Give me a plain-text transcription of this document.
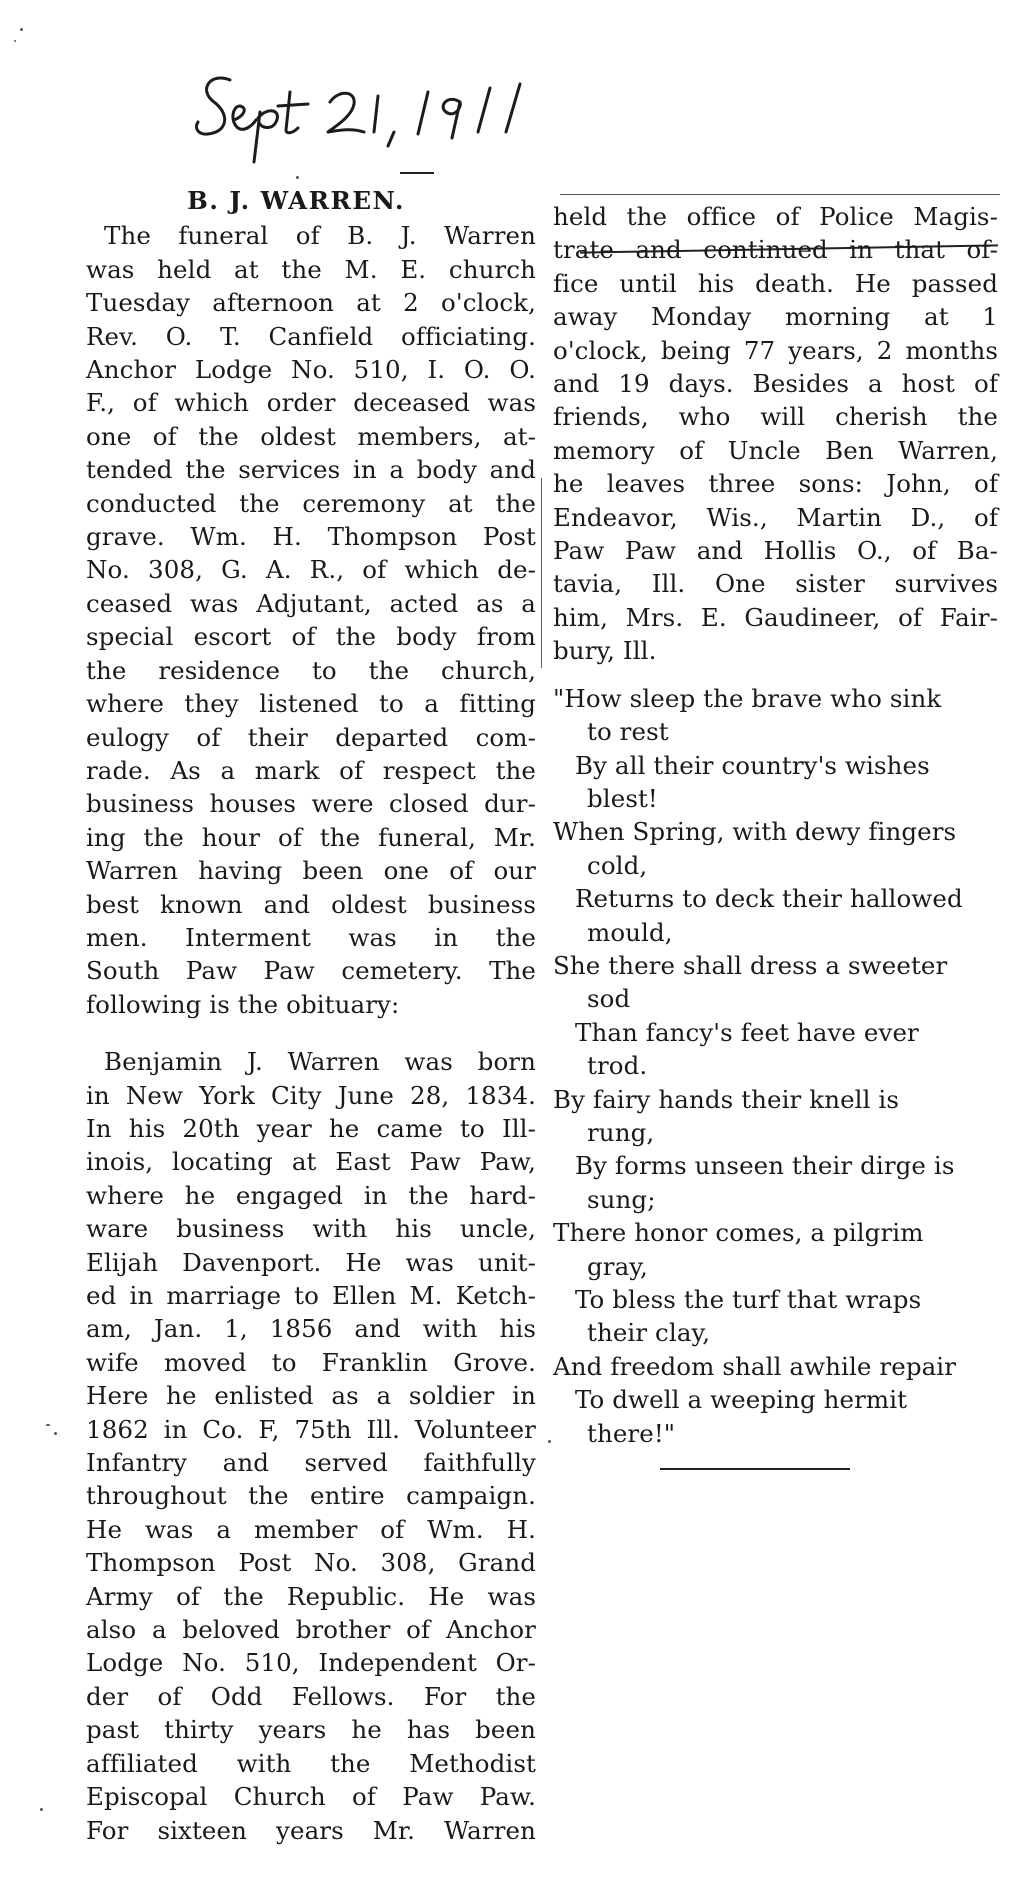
B. J. WARREN.
The funeral of B. J. Warren
was held at the M. E. church
Tuesday afternoon at 2 o'clock,
Rev. O. T. Canfield officiating.
Anchor Lodge No. 510, I. O. O.
F., of which order deceased was
one of the oldest members, at-
tended the services in a body and
conducted the ceremony at the
grave. Wm. H. Thompson Post
No. 308, G. A. R., of which de-
ceased was Adjutant, acted as a
special escort of the body from
the residence to the church,
where they listened to a fitting
eulogy of their departed com-
rade. As a mark of respect the
business houses were closed dur-
ing the hour of the funeral, Mr.
Warren having been one of our
best known and oldest business
men. Interment was in the
South Paw Paw cemetery. The
following is the obituary:
Benjamin J. Warren was born
in New York City June 28, 1834.
In his 20th year he came to Ill-
inois, locating at East Paw Paw,
where he engaged in the hard-
ware business with his uncle,
Elijah Davenport. He was unit-
ed in marriage to Ellen M. Ketch-
am, Jan. 1, 1856 and with his
wife moved to Franklin Grove.
Here he enlisted as a soldier in
1862 in Co. F, 75th Ill. Volunteer
Infantry and served faithfully
throughout the entire campaign.
He was a member of Wm. H.
Thompson Post No. 308, Grand
Army of the Republic. He was
also a beloved brother of Anchor
Lodge No. 510, Independent Or-
der of Odd Fellows. For the
past thirty years he has been
affiliated with the Methodist
Episcopal Church of Paw Paw.
For sixteen years Mr. Warren
held the office of Police Magis-
trate and continued in that of-
fice until his death. He passed
away Monday morning at 1
o'clock, being 77 years, 2 months
and 19 days. Besides a host of
friends, who will cherish the
memory of Uncle Ben Warren,
he leaves three sons: John, of
Endeavor, Wis., Martin D., of
Paw Paw and Hollis O., of Ba-
tavia, Ill. One sister survives
him, Mrs. E. Gaudineer, of Fair-
bury, Ill.
"How sleep the brave who sink
to rest
By all their country's wishes
blest!
When Spring, with dewy fingers
cold,
Returns to deck their hallowed
mould,
She there shall dress a sweeter
sod
Than fancy's feet have ever
trod.
By fairy hands their knell is
rung,
By forms unseen their dirge is
sung;
There honor comes, a pilgrim
gray,
To bless the turf that wraps
their clay,
And freedom shall awhile repair
To dwell a weeping hermit
there!"
